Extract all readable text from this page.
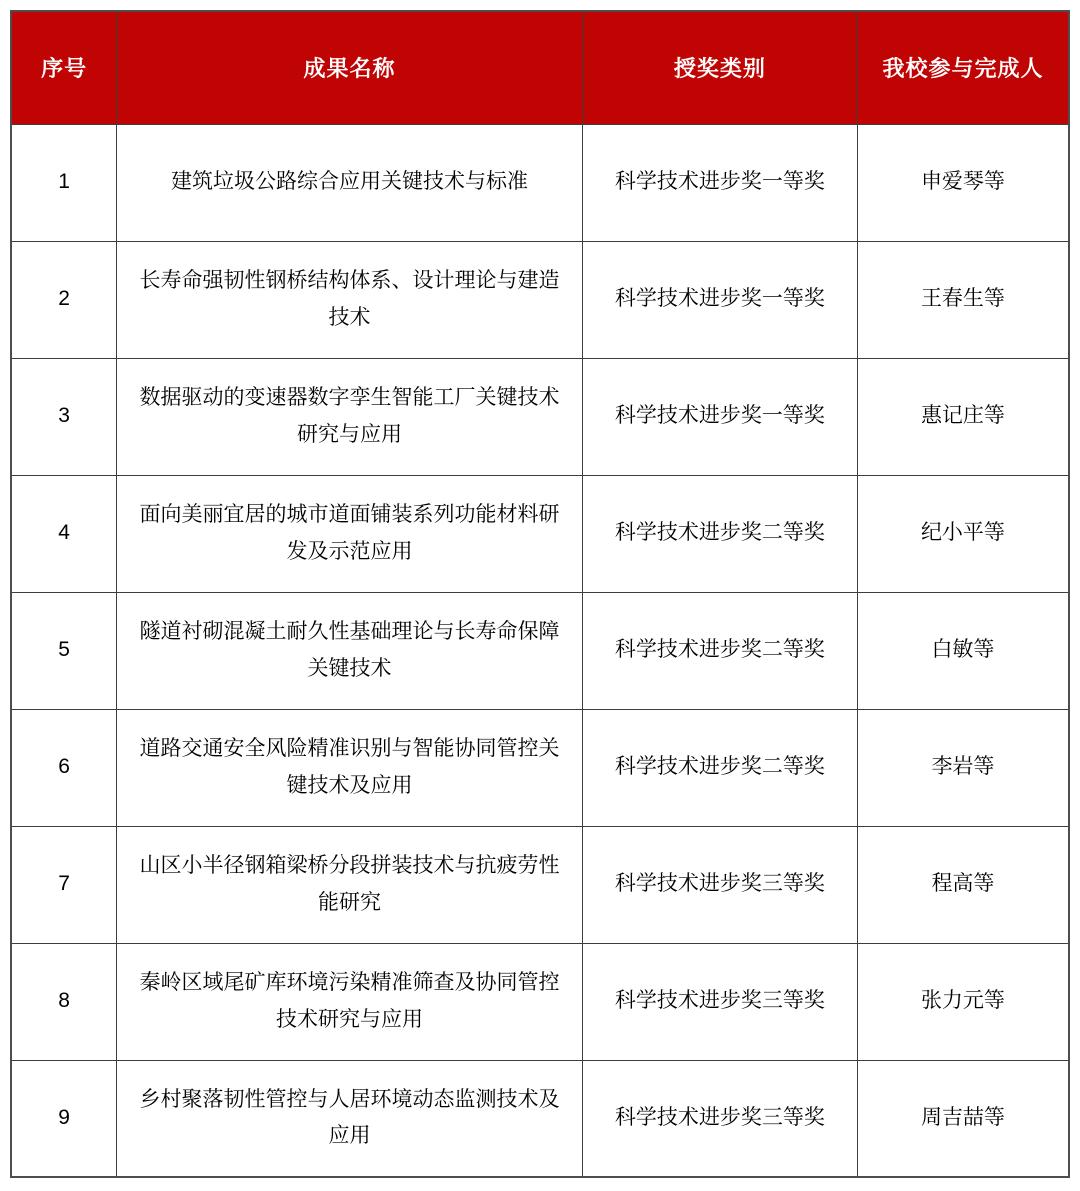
序号	成果名称	授奖类别	我校参与完成人
1	建筑垃圾公路综合应用关键技术与标准	科学技术进步奖一等奖	申爱琴等
2	长寿命强韧性钢桥结构体系、设计理论与建造技术	科学技术进步奖一等奖	王春生等
3	数据驱动的变速器数字孪生智能工厂关键技术研究与应用	科学技术进步奖一等奖	惠记庄等
4	面向美丽宜居的城市道面铺装系列功能材料研发及示范应用	科学技术进步奖二等奖	纪小平等
5	隧道衬砌混凝土耐久性基础理论与长寿命保障关键技术	科学技术进步奖二等奖	白敏等
6	道路交通安全风险精准识别与智能协同管控关键技术及应用	科学技术进步奖二等奖	李岩等
7	山区小半径钢箱梁桥分段拼装技术与抗疲劳性能研究	科学技术进步奖三等奖	程高等
8	秦岭区域尾矿库环境污染精准筛查及协同管控技术研究与应用	科学技术进步奖三等奖	张力元等
9	乡村聚落韧性管控与人居环境动态监测技术及应用	科学技术进步奖三等奖	周吉喆等
